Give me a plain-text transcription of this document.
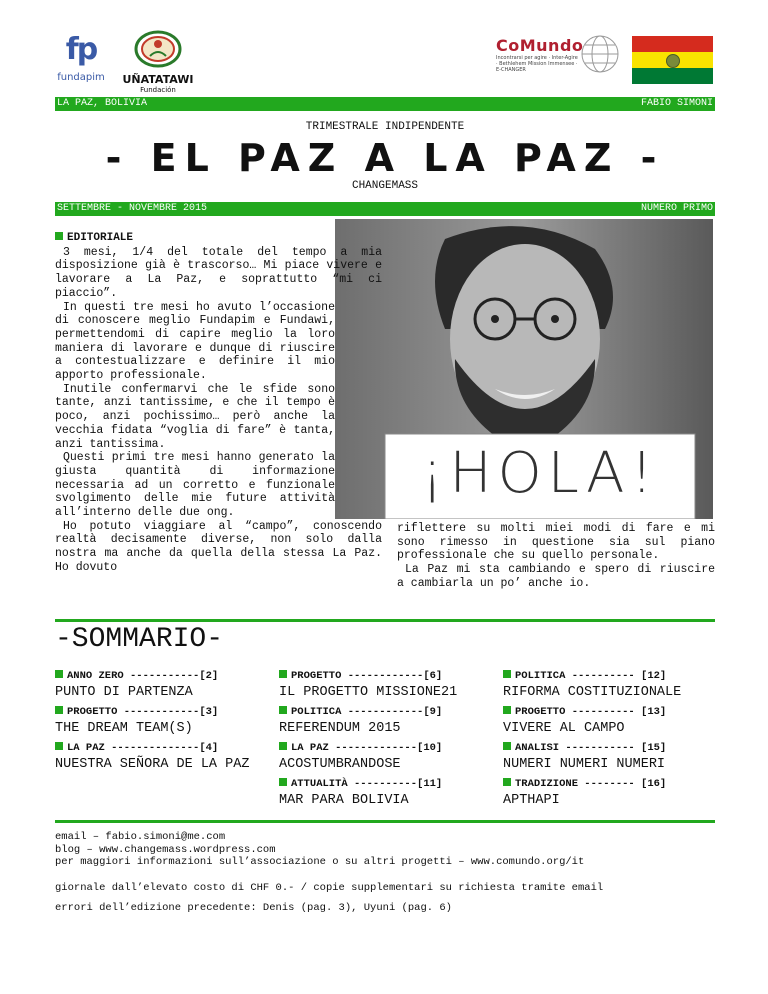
fp
fundapim	UÑATATAWI
Fundación
CoMundo
Incontrarsi per agire · Inter-Agire · Bethlehem Mission Immensee · E-CHANGER
LA PAZ, BOLIVIA	FABIO SIMONI
TRIMESTRALE INDIPENDENTE
- EL PAZ A LA PAZ -
CHANGEMASS
SETTEMBRE - NOVEMBRE 2015	NUMERO PRIMO
¡HOLA!
EDITORIALE
3 mesi, 1/4 del totale del tempo a mia disposizione già è trascorso… Mi piace vivere e lavorare a La Paz, e soprattutto “mi ci piaccio”.
In questi tre mesi ho avuto l’occasione di conoscere meglio Fundapim e Fundawi, permettendomi di capire meglio la loro maniera di lavorare e dunque di riuscire a contestualizzare e definire il mio apporto professionale.
Inutile confermarvi che le sfide sono tante, anzi tantissime, e che il tempo è poco, anzi pochissimo… però anche la vecchia fidata “voglia di fare” è tanta, anzi tantissima.
Questi primi tre mesi hanno generato la giusta quantità di informazione necessaria ad un corretto e funzionale svolgimento delle mie future attività all’interno delle due ong.
Ho potuto viaggiare al “campo”, conoscendo realtà decisamente diverse, non solo dalla nostra ma anche da quella della stessa La Paz. Ho dovuto
riflettere su molti miei modi di fare e mi sono rimesso in questione sia sul piano professionale che su quello personale.
La Paz mi sta cambiando e spero di riuscire a cambiarla un po’ anche io.
-SOMMARIO-
ANNO ZERO -----------[2]
PUNTO DI PARTENZA
PROGETTO ------------[3]
THE DREAM TEAM(S)
LA PAZ --------------[4]
NUESTRA SEÑORA DE LA PAZ
PROGETTO ------------[6]
IL PROGETTO MISSIONE21
POLITICA ------------[9]
REFERENDUM 2015
LA PAZ -------------[10]
ACOSTUMBRANDOSE
ATTUALITÀ ----------[11]
MAR PARA BOLIVIA
POLITICA ---------- [12]
RIFORMA COSTITUZIONALE
PROGETTO ---------- [13]
VIVERE AL CAMPO
ANALISI ----------- [15]
NUMERI NUMERI NUMERI
TRADIZIONE -------- [16]
APTHAPI
email – fabio.simoni@me.com
blog – www.changemass.wordpress.com
per maggiori informazioni sull’associazione o su altri progetti – www.comundo.org/it
giornale dall’elevato costo di CHF 0.- / copie supplementari su richiesta tramite email
errori dell’edizione precedente: Denis (pag. 3), Uyuni (pag. 6)
